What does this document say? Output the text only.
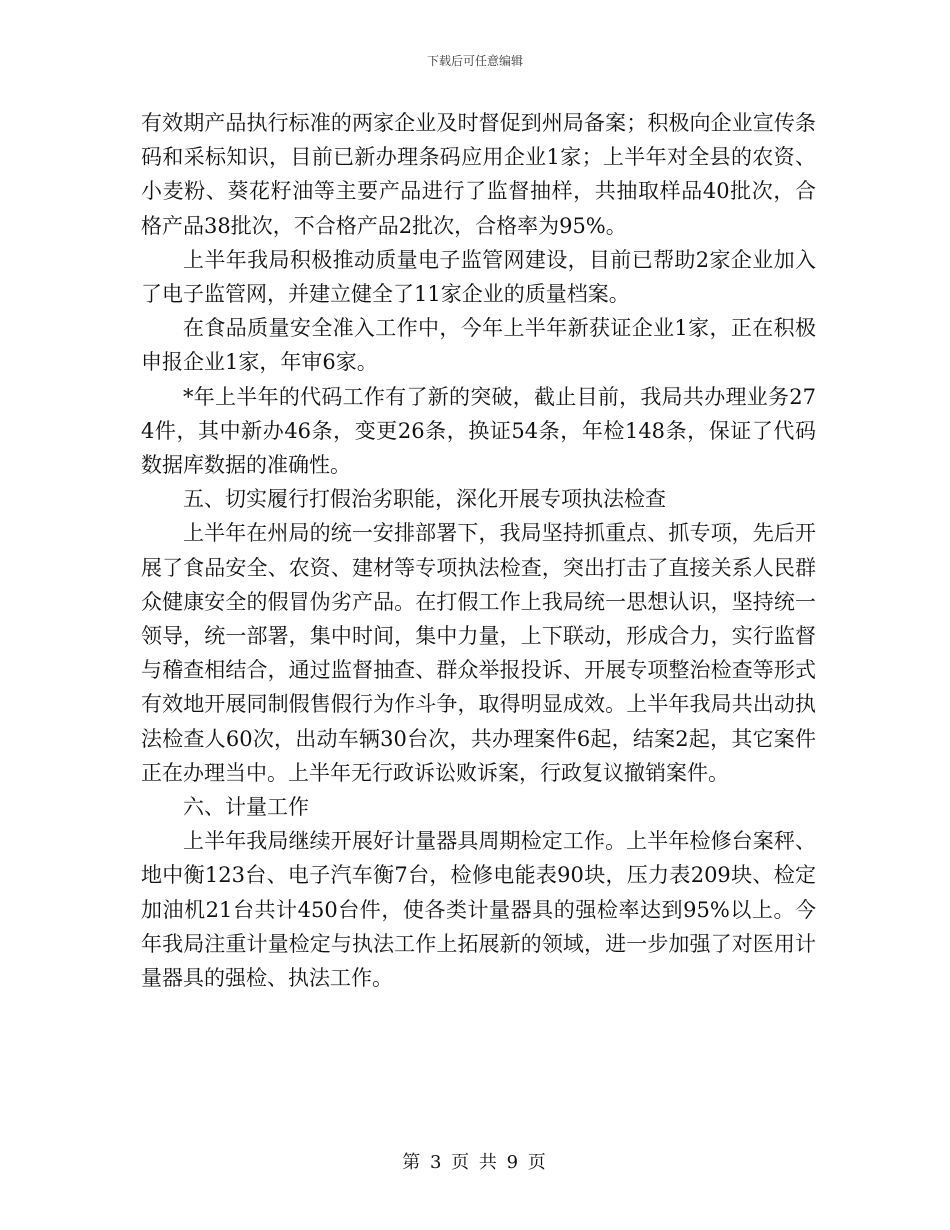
下载后可任意编辑

有效期产品执行标准的两家企业及时督促到州局备案；积极向企业宣传条码和采标知识，目前已新办理条码应用企业1家；上半年对全县的农资、小麦粉、葵花籽油等主要产品进行了监督抽样，共抽取样品40批次，合格产品38批次，不合格产品2批次，合格率为95%。

上半年我局积极推动质量电子监管网建设，目前已帮助2家企业加入了电子监管网，并建立健全了11家企业的质量档案。

在食品质量安全准入工作中，今年上半年新获证企业1家，正在积极申报企业1家，年审6家。

*年上半年的代码工作有了新的突破，截止目前，我局共办理业务274件，其中新办46条，变更26条，换证54条，年检148条，保证了代码数据库数据的准确性。

五、切实履行打假治劣职能，深化开展专项执法检查

上半年在州局的统一安排部署下，我局坚持抓重点、抓专项，先后开展了食品安全、农资、建材等专项执法检查，突出打击了直接关系人民群众健康安全的假冒伪劣产品。在打假工作上我局统一思想认识，坚持统一领导，统一部署，集中时间，集中力量，上下联动，形成合力，实行监督与稽查相结合，通过监督抽查、群众举报投诉、开展专项整治检查等形式有效地开展同制假售假行为作斗争，取得明显成效。上半年我局共出动执法检查人60次，出动车辆30台次，共办理案件6起，结案2起，其它案件正在办理当中。上半年无行政诉讼败诉案，行政复议撤销案件。

六、计量工作

上半年我局继续开展好计量器具周期检定工作。上半年检修台案秤、地中衡123台、电子汽车衡7台，检修电能表90块，压力表209块、检定加油机21台共计450台件，使各类计量器具的强检率达到95%以上。今年我局注重计量检定与执法工作上拓展新的领域，进一步加强了对医用计量器具的强检、执法工作。

第 3 页 共 9 页
